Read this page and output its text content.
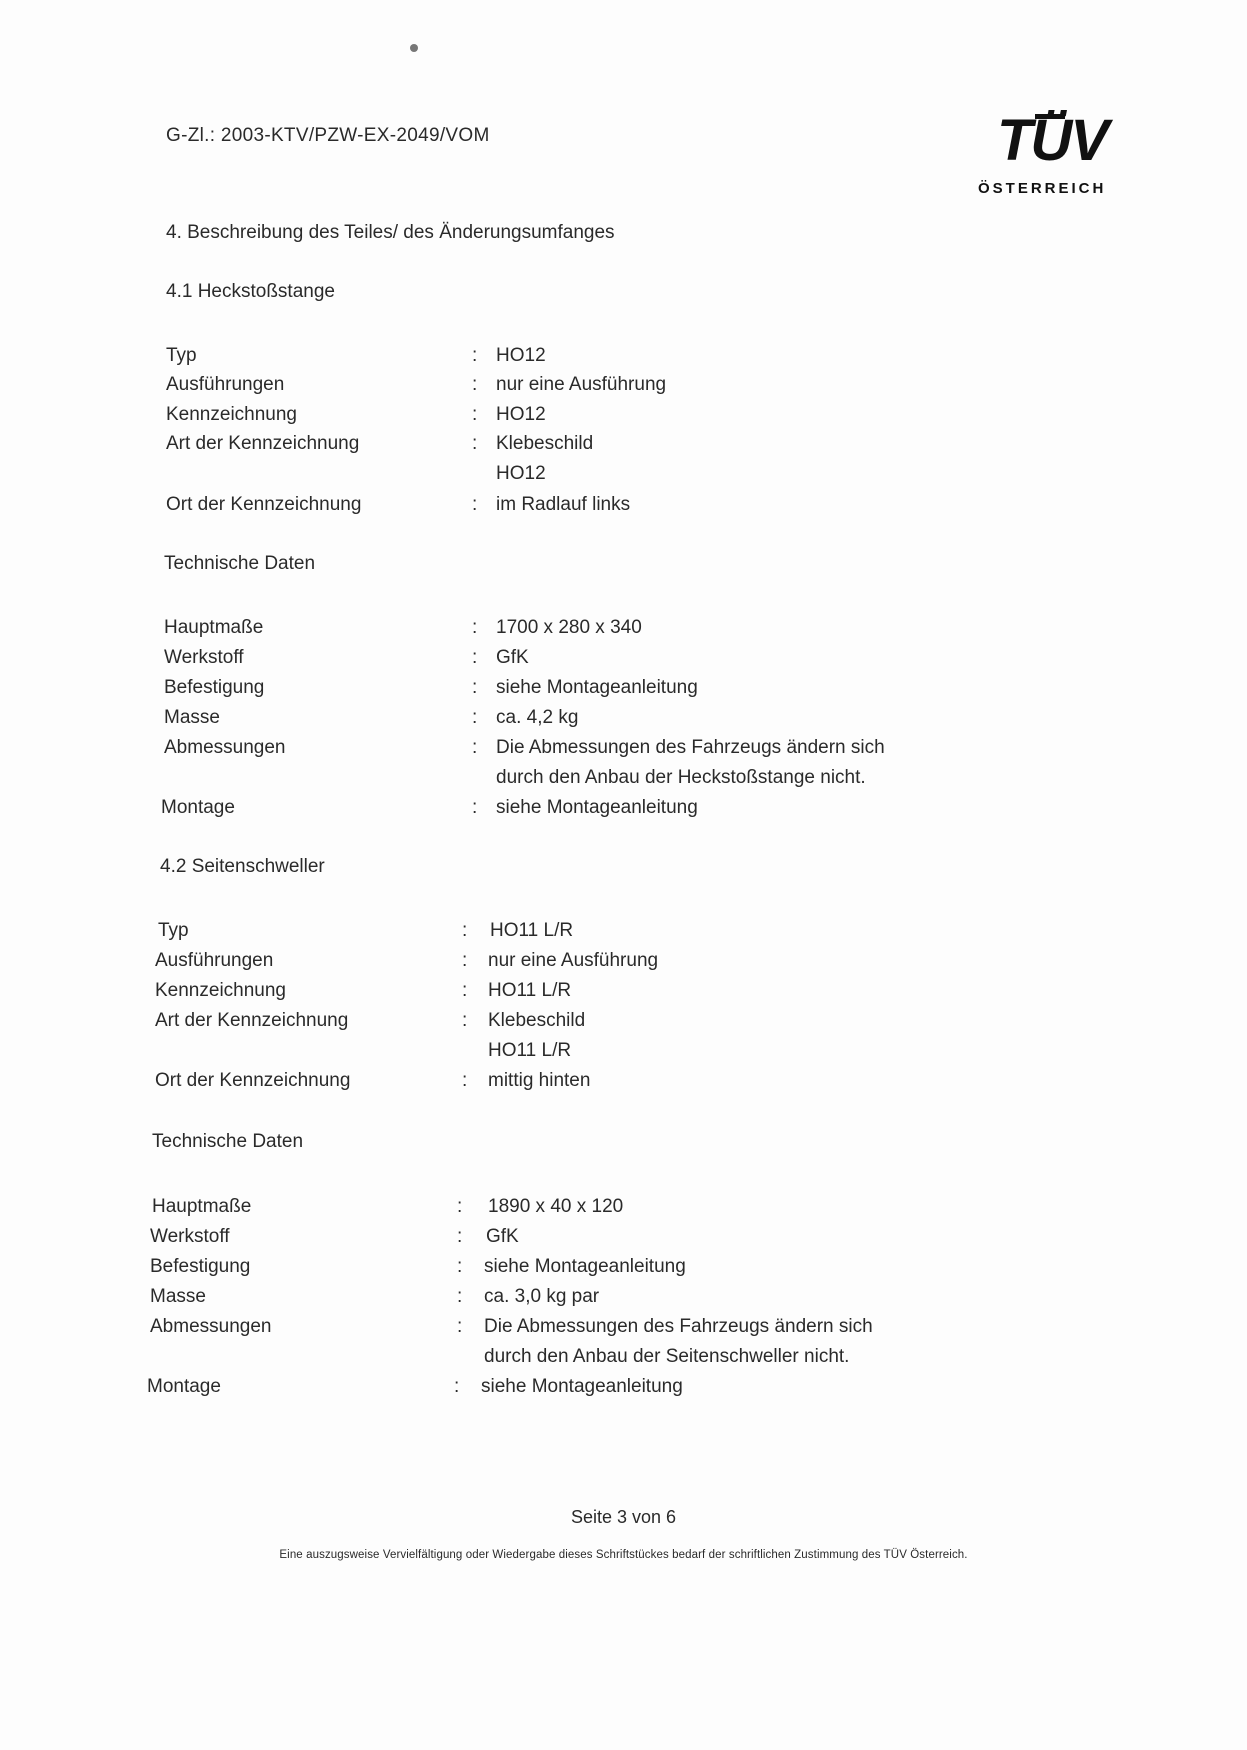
G-Zl.: 2003-KTV/PZW-EX-2049/VOM	TÜV
ÖSTERREICH
4. Beschreibung des Teiles/ des Änderungsumfanges
4.1 Heckstoßstange
Typ	: HO12
Ausführungen	: nur eine Ausführung
Kennzeichnung	: HO12
Art der Kennzeichnung	: Klebeschild
HO12
Ort der Kennzeichnung	: im Radlauf links
Technische Daten
Hauptmaße	: 1700 x 280 x 340
Werkstoff	: GfK
Befestigung	: siehe Montageanleitung
Masse	: ca. 4,2 kg
Abmessungen	: Die Abmessungen des Fahrzeugs ändern sich
durch den Anbau der Heckstoßstange nicht.
Montage	: siehe Montageanleitung
4.2 Seitenschweller
Typ	: HO11 L/R
Ausführungen	: nur eine Ausführung
Kennzeichnung	: HO11 L/R
Art der Kennzeichnung	: Klebeschild
HO11 L/R
Ort der Kennzeichnung	: mittig hinten
Technische Daten
Hauptmaße	: 1890 x 40 x 120
Werkstoff	: GfK
Befestigung	: siehe Montageanleitung
Masse	: ca. 3,0 kg par
Abmessungen	: Die Abmessungen des Fahrzeugs ändern sich
durch den Anbau der Seitenschweller nicht.
Montage	: siehe Montageanleitung
Seite 3 von 6
Eine auszugsweise Vervielfältigung oder Wiedergabe dieses Schriftstückes bedarf der schriftlichen Zustimmung des TÜV Österreich.
